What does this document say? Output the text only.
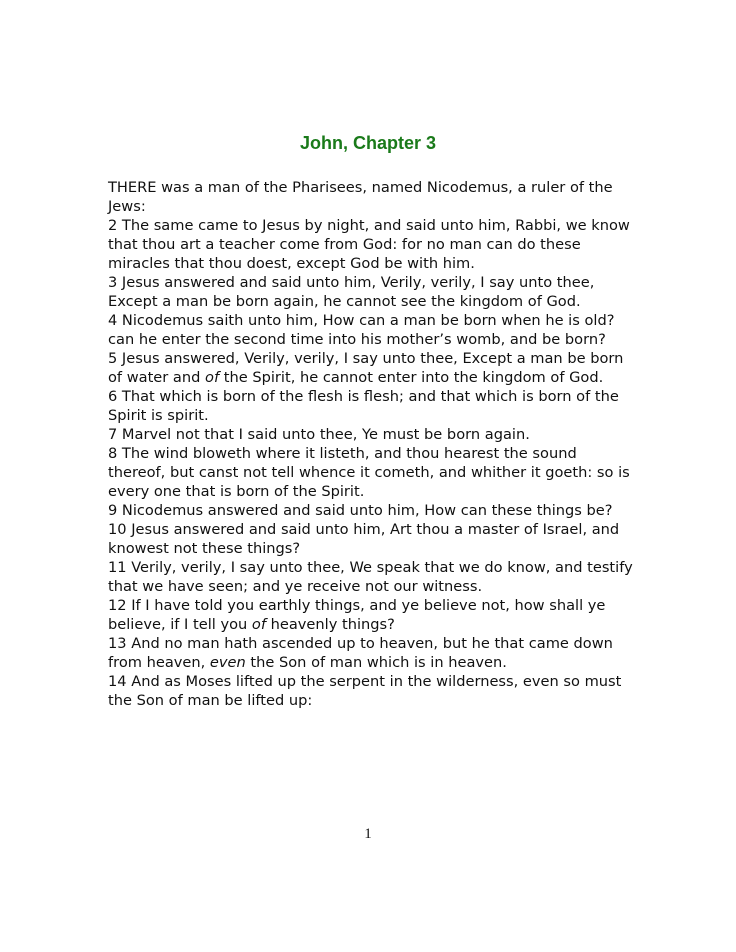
John, Chapter 3

THERE was a man of the Pharisees, named Nicodemus, a ruler of the Jews:

2 The same came to Jesus by night, and said unto him, Rabbi, we know that thou art a teacher come from God: for no man can do these miracles that thou doest, except God be with him.

3 Jesus answered and said unto him, Verily, verily, I say unto thee, Except a man be born again, he cannot see the kingdom of God.

4 Nicodemus saith unto him, How can a man be born when he is old? can he enter the second time into his mother’s womb, and be born?

5 Jesus answered, Verily, verily, I say unto thee, Except a man be born of water and of the Spirit, he cannot enter into the kingdom of God.

6 That which is born of the flesh is flesh; and that which is born of the Spirit is spirit.

7 Marvel not that I said unto thee, Ye must be born again.

8 The wind bloweth where it listeth, and thou hearest the sound thereof, but canst not tell whence it cometh, and whither it goeth: so is every one that is born of the Spirit.

9 Nicodemus answered and said unto him, How can these things be?

10 Jesus answered and said unto him, Art thou a master of Israel, and knowest not these things?

11 Verily, verily, I say unto thee, We speak that we do know, and testify that we have seen; and ye receive not our witness.

12 If I have told you earthly things, and ye believe not, how shall ye believe, if I tell you of heavenly things?

13 And no man hath ascended up to heaven, but he that came down from heaven, even the Son of man which is in heaven.

14 And as Moses lifted up the serpent in the wilderness, even so must the Son of man be lifted up:

1
